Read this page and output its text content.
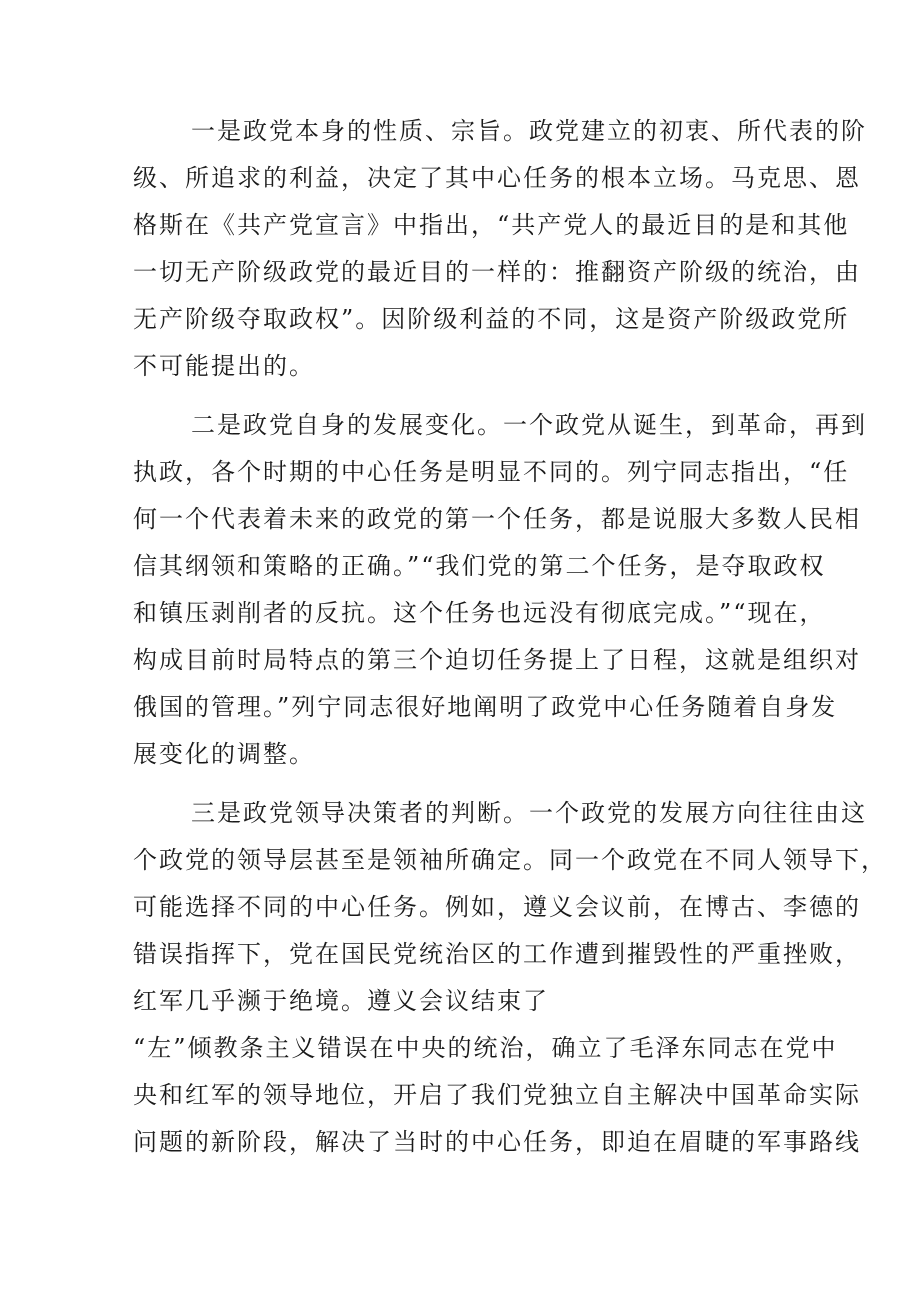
一是政党本身的性质、宗旨。政党建立的初衷、所代表的阶
级、所追求的利益，决定了其中心任务的根本立场。马克思、恩
格斯在《共产党宣言》中指出，“共产党人的最近目的是和其他
一切无产阶级政党的最近目的一样的：推翻资产阶级的统治，由
无产阶级夺取政权”。因阶级利益的不同，这是资产阶级政党所
不可能提出的。
二是政党自身的发展变化。一个政党从诞生，到革命，再到
执政，各个时期的中心任务是明显不同的。列宁同志指出，“任
何一个代表着未来的政党的第一个任务，都是说服大多数人民相
信其纲领和策略的正确。”“我们党的第二个任务，是夺取政权
和镇压剥削者的反抗。这个任务也远没有彻底完成。”“现在，
构成目前时局特点的第三个迫切任务提上了日程，这就是组织对
俄国的管理。”列宁同志很好地阐明了政党中心任务随着自身发
展变化的调整。
三是政党领导决策者的判断。一个政党的发展方向往往由这
个政党的领导层甚至是领袖所确定。同一个政党在不同人领导下，
可能选择不同的中心任务。例如，遵义会议前，在博古、李德的
错误指挥下，党在国民党统治区的工作遭到摧毁性的严重挫败，
红军几乎濒于绝境。遵义会议结束了
“左”倾教条主义错误在中央的统治，确立了毛泽东同志在党中
央和红军的领导地位，开启了我们党独立自主解决中国革命实际
问题的新阶段，解决了当时的中心任务，即迫在眉睫的军事路线
